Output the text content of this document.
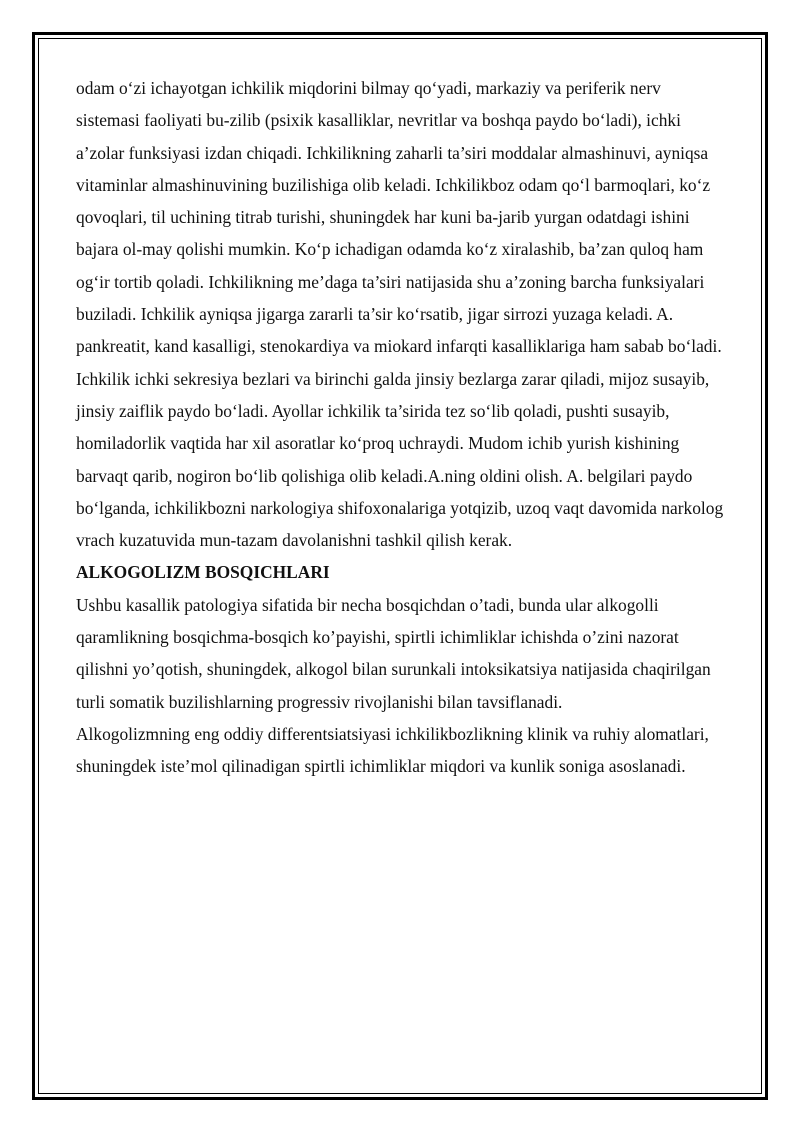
odam o‘zi ichayotgan ichkilik miqdorini bilmay qo‘yadi, markaziy va periferik nerv sistemasi faoliyati bu-zilib (psixik kasalliklar, nevritlar va boshqa paydo bo‘ladi), ichki a’zolar funksiyasi izdan chiqadi. Ichkilikning zaharli ta’siri moddalar almashinuvi, ayniqsa vitaminlar almashinuvining buzilishiga olib keladi. Ichkilikboz odam qo‘l barmoqlari, ko‘z qovoqlari, til uchining titrab turishi, shuningdek har kuni ba-jarib yurgan odatdagi ishini bajara ol-may qolishi mumkin. Ko‘p ichadigan odamda ko‘z xiralashib, ba’zan quloq ham og‘ir tortib qoladi. Ichkilikning me’daga ta’siri natijasida shu a’zoning barcha funksiyalari buziladi. Ichkilik ayniqsa jigarga zararli ta’sir ko‘rsatib, jigar sirrozi yuzaga keladi. A. pankreatit, kand kasalligi, stenokardiya va miokard infarqti kasalliklariga ham sabab bo‘ladi. Ichkilik ichki sekresiya bezlari va birinchi galda jinsiy bezlarga zarar qiladi, mijoz susayib, jinsiy zaiflik paydo bo‘ladi. Ayollar ichkilik ta’sirida tez so‘lib qoladi, pushti susayib, homiladorlik vaqtida har xil asoratlar ko‘proq uchraydi. Mudom ichib yurish kishining barvaqt qarib, nogiron bo‘lib qolishiga olib keladi.A.ning oldini olish. A. belgilari paydo bo‘lganda, ichkilikbozni narkologiya shifoxonalariga yotqizib, uzoq vaqt davomida narkolog vrach kuzatuvida mun-tazam davolanishni tashkil qilish kerak.

ALKOGOLIZM BOSQICHLARI

Ushbu kasallik patologiya sifatida bir necha bosqichdan o’tadi, bunda ular alkogolli qaramlikning bosqichma-bosqich ko’payishi, spirtli ichimliklar ichishda o’zini nazorat qilishni yo’qotish, shuningdek, alkogol bilan surunkali intoksikatsiya natijasida chaqirilgan turli somatik buzilishlarning progressiv rivojlanishi bilan tavsiflanadi.

Alkogolizmning eng oddiy differentsiatsiyasi ichkilikbozlikning klinik va ruhiy alomatlari, shuningdek iste’mol qilinadigan spirtli ichimliklar miqdori va kunlik soniga asoslanadi.
